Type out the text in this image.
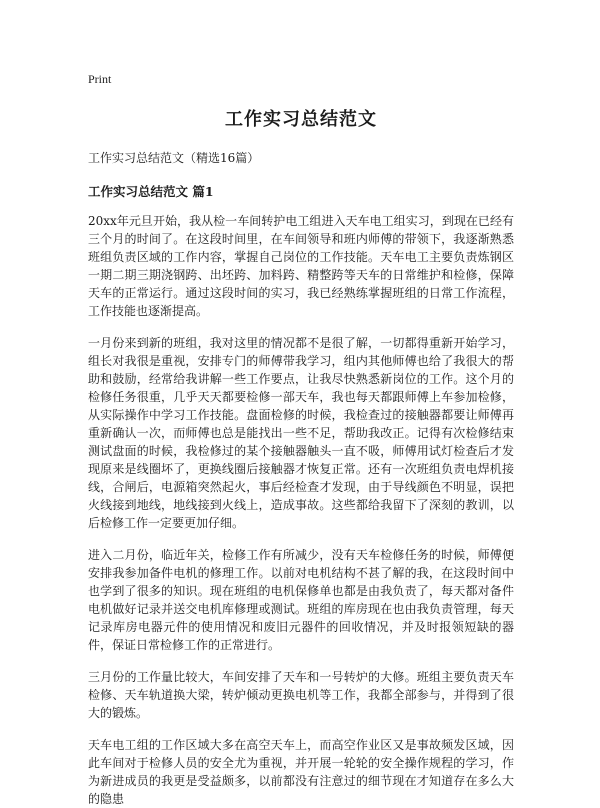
Print
工作实习总结范文
工作实习总结范文（精选16篇）
工作实习总结范文 篇1

20xx年元旦开始，我从检一车间转护电工组进入天车电工组实习，到现在已经有三个月的时间了。在这段时间里，在车间领导和班内师傅的带领下，我逐渐熟悉班组负责区域的工作内容，掌握自己岗位的工作技能。天车电工主要负责炼钢区一期二期三期浇钢跨、出坯跨、加料跨、精整跨等天车的日常维护和检修，保障天车的正常运行。通过这段时间的实习，我已经熟练掌握班组的日常工作流程，工作技能也逐渐提高。

一月份来到新的班组，我对这里的情况都不是很了解，一切都得重新开始学习，组长对我很是重视，安排专门的师傅带我学习，组内其他师傅也给了我很大的帮助和鼓励，经常给我讲解一些工作要点，让我尽快熟悉新岗位的工作。这个月的检修任务很重，几乎天天都要检修一部天车，我也每天都跟师傅上车参加检修，从实际操作中学习工作技能。盘面检修的时候，我检查过的接触器都要让师傅再重新确认一次，而师傅也总是能找出一些不足，帮助我改正。记得有次检修结束测试盘面的时候，我检修过的某个接触器触头一直不吸，师傅用试灯检查后才发现原来是线圈坏了，更换线圈后接触器才恢复正常。还有一次班组负责电焊机接线，合闸后，电源箱突然起火，事后经检查才发现，由于导线颜色不明显，误把火线接到地线，地线接到火线上，造成事故。这些都给我留下了深刻的教训，以后检修工作一定要更加仔细。

进入二月份，临近年关，检修工作有所减少，没有天车检修任务的时候，师傅便安排我参加备件电机的修理工作。以前对电机结构不甚了解的我，在这段时间中也学到了很多的知识。现在班组的电机保修单也都是由我负责了，每天都对备件电机做好记录并送交电机库修理或测试。班组的库房现在也由我负责管理，每天记录库房电器元件的使用情况和废旧元器件的回收情况，并及时报领短缺的器件，保证日常检修工作的正常进行。

三月份的工作量比较大，车间安排了天车和一号转炉的大修。班组主要负责天车检修、天车轨道换大梁，转炉倾动更换电机等工作，我都全部参与，并得到了很大的锻炼。

天车电工组的工作区域大多在高空天车上，而高空作业区又是事故频发区域，因此车间对于检修人员的安全尤为重视，并开展一轮轮的安全操作规程的学习，作为新进成员的我更是受益颇多，以前都没有注意过的细节现在才知道存在多么大的隐患
